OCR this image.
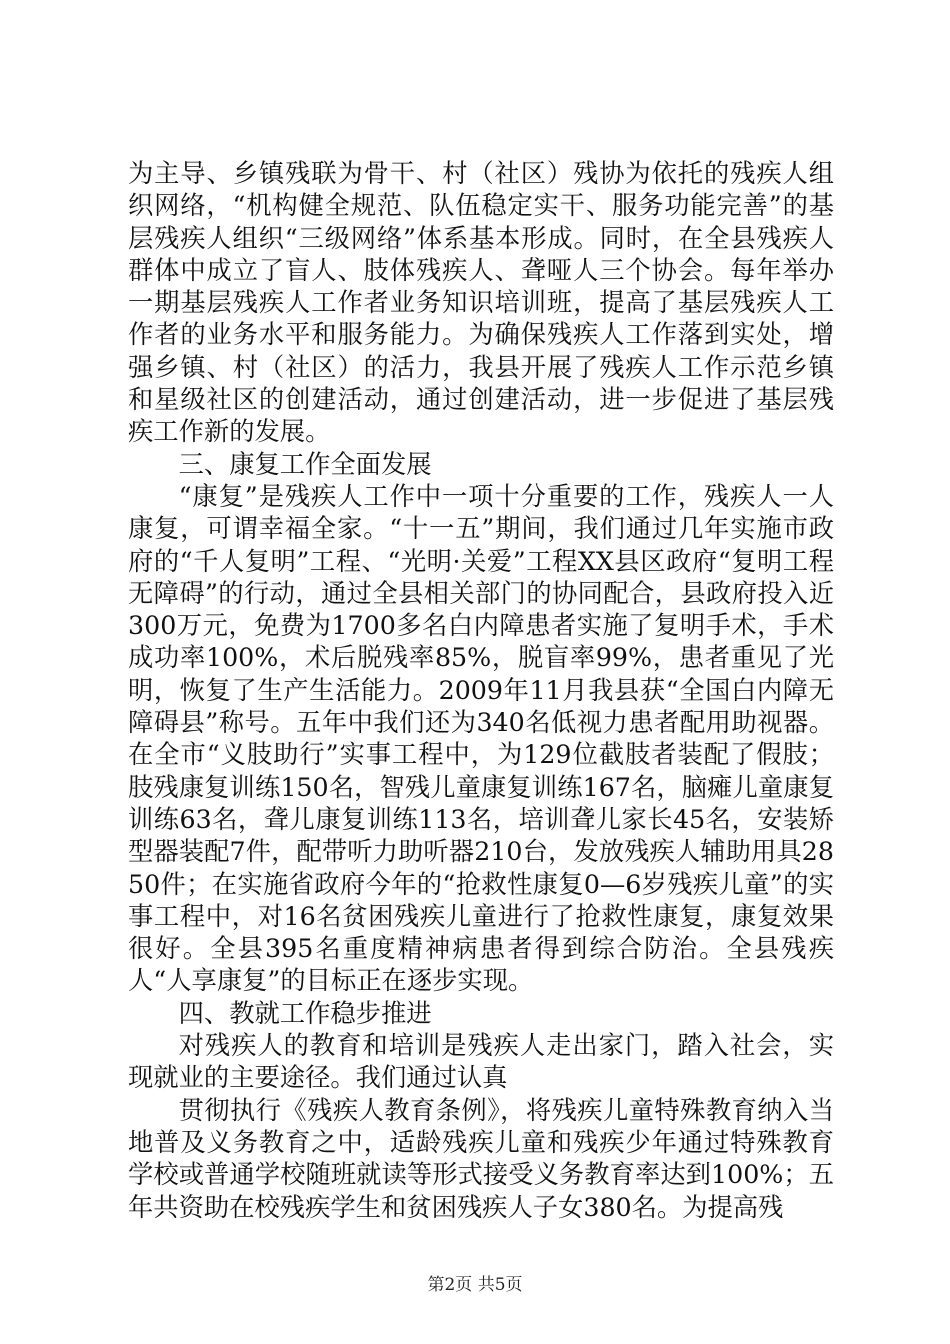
为主导、乡镇残联为骨干、村（社区）残协为依托的残疾人组织网络，“机构健全规范、队伍稳定实干、服务功能完善”的基层残疾人组织“三级网络”体系基本形成。同时，在全县残疾人群体中成立了盲人、肢体残疾人、聋哑人三个协会。每年举办一期基层残疾人工作者业务知识培训班，提高了基层残疾人工作者的业务水平和服务能力。为确保残疾人工作落到实处，增强乡镇、村（社区）的活力，我县开展了残疾人工作示范乡镇和星级社区的创建活动，通过创建活动，进一步促进了基层残疾工作新的发展。

三、康复工作全面发展

“康复”是残疾人工作中一项十分重要的工作，残疾人一人康复，可谓幸福全家。“十一五”期间，我们通过几年实施市政府的“千人复明”工程、“光明·关爱”工程XX县区政府“复明工程无障碍”的行动，通过全县相关部门的协同配合，县政府投入近300万元，免费为1700多名白内障患者实施了复明手术，手术成功率100%，术后脱残率85%，脱盲率99%，患者重见了光明，恢复了生产生活能力。2009年11月我县获“全国白内障无障碍县”称号。五年中我们还为340名低视力患者配用助视器。在全市“义肢助行”实事工程中，为129位截肢者装配了假肢；肢残康复训练150名，智残儿童康复训练167名，脑瘫儿童康复训练63名，聋儿康复训练113名，培训聋儿家长45名，安装矫型器装配7件，配带听力助听器210台，发放残疾人辅助用具2850件；在实施省政府今年的“抢救性康复0—6岁残疾儿童”的实事工程中，对16名贫困残疾儿童进行了抢救性康复，康复效果很好。全县395名重度精神病患者得到综合防治。全县残疾人“人享康复”的目标正在逐步实现。

四、教就工作稳步推进

对残疾人的教育和培训是残疾人走出家门，踏入社会，实现就业的主要途径。我们通过认真

贯彻执行《残疾人教育条例》，将残疾儿童特殊教育纳入当地普及义务教育之中，适龄残疾儿童和残疾少年通过特殊教育学校或普通学校随班就读等形式接受义务教育率达到100%；五年共资助在校残疾学生和贫困残疾人子女380名。为提高残

第2页 共5页
